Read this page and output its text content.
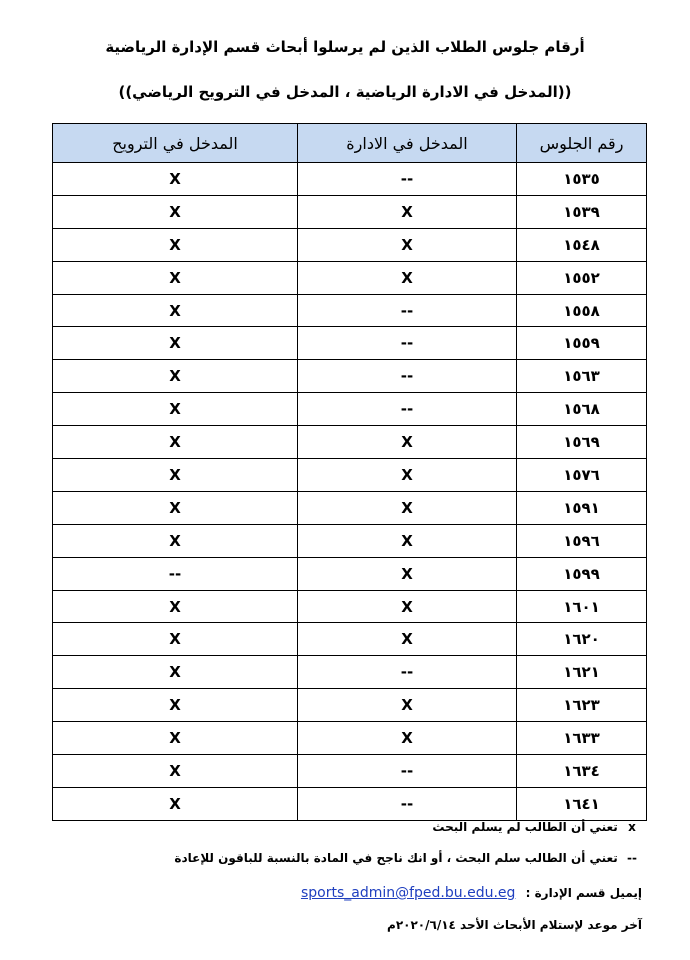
أرقام جلوس الطلاب الذين لم يرسلوا أبحاث قسم الإدارة الرياضية
((المدخل في الادارة الرياضية ، المدخل في الترويح الرياضي))
رقم الجلوس	المدخل في الادارة	المدخل في الترويح
١٥٣٥	--	X
١٥٣٩	X	X
١٥٤٨	X	X
١٥٥٢	X	X
١٥٥٨	--	X
١٥٥٩	--	X
١٥٦٣	--	X
١٥٦٨	--	X
١٥٦٩	X	X
١٥٧٦	X	X
١٥٩١	X	X
١٥٩٦	X	X
١٥٩٩	X	--
١٦٠١	X	X
١٦٢٠	X	X
١٦٢١	--	X
١٦٢٣	X	X
١٦٣٣	X	X
١٦٣٤	--	X
١٦٤١	--	X
x تعني أن الطالب لم يسلم البحث
-- تعني أن الطالب سلم البحث ، أو انك ناجح في المادة بالنسبة للباقون للإعادة
إيميل قسم الإدارة : sports_admin@fped.bu.edu.eg
آخر موعد لإستلام الأبحاث الأحد ٢٠٢٠/٦/١٤م
